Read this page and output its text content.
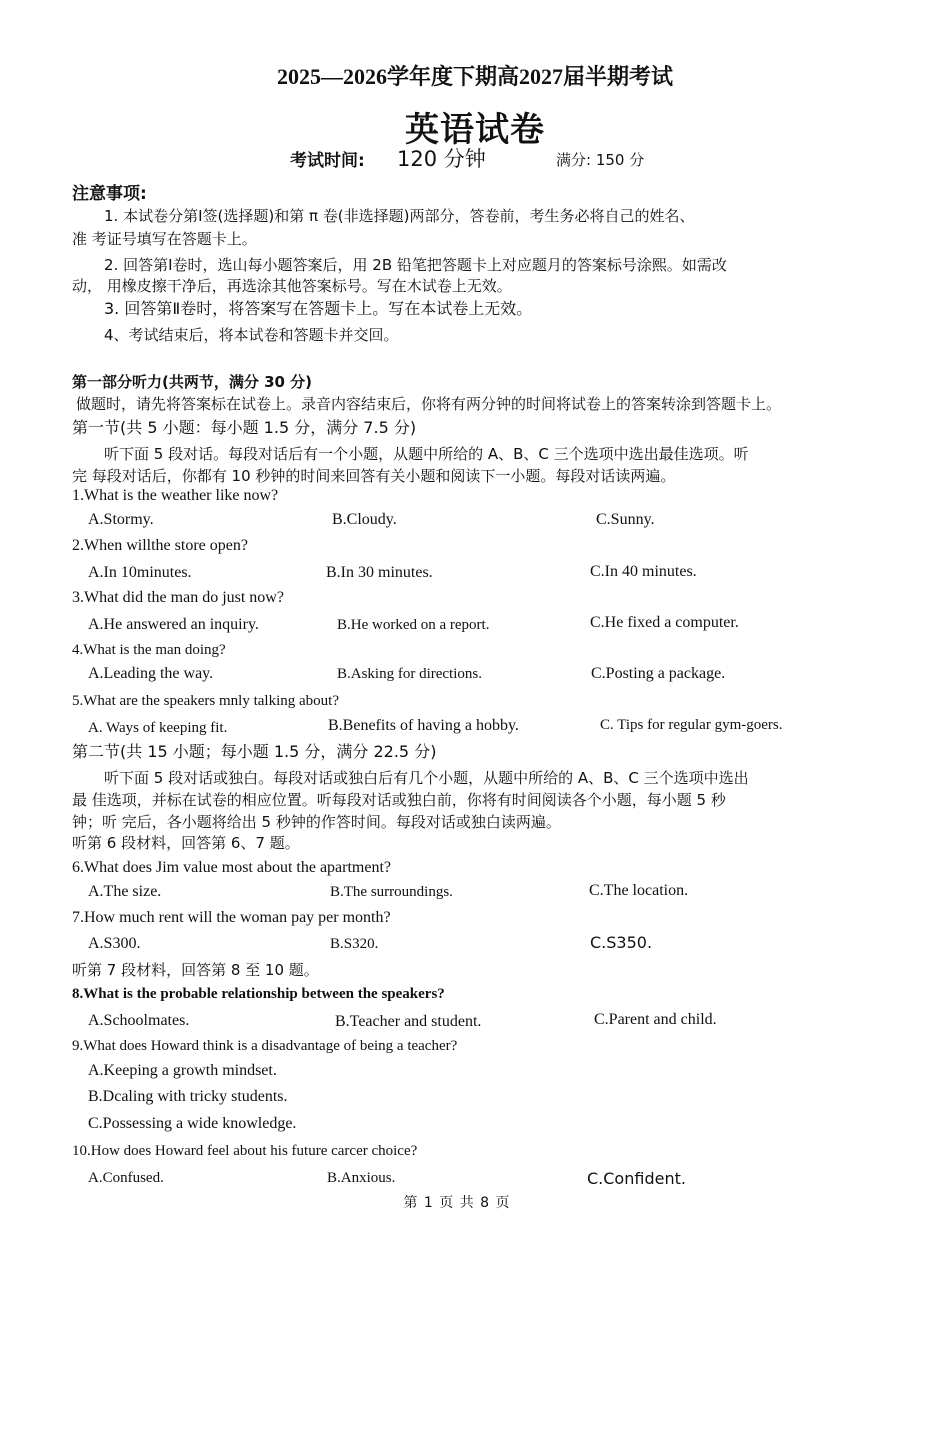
2025—2026学年度下期高2027届半期考试
英语试卷
考试时间: 120 分钟	满分: 150 分
注意事项:
1. 本试卷分第Ⅰ签(选择题)和第 π 卷(非选择题)两部分，答卷前，考生务必将自己的姓名、
准 考证号填写在答题卡上。
2. 回答第Ⅰ卷时，选山每小题答案后，用 2B 铅笔把答题卡上对应题月的答案标号涂熙。如需改
动， 用橡皮擦干净后，再选涂其他答案标号。写在木试卷上无效。
3. 回答第Ⅱ卷时，将答案写在答题卡上。写在本试卷上无效。
4、考试结束后，将本试卷和答题卡并交回。
第一部分听力(共两节，满分 30 分)
做题时，请先将答案标在试卷上。录音内容结束后，你将有两分钟的时间将试卷上的答案转涂到答题卡上。
第一节(共 5 小题：每小题 1.5 分，满分 7.5 分)
听下面 5 段对话。每段对话后有一个小题，从题中所给的 A、B、C 三个选项中选出最佳选项。听
完 每段对话后，你都有 10 秒钟的时间来回答有关小题和阅读下一小题。每段对话读两遍。
1.What is the weather like now?
A.Stormy.	B.Cloudy.	C.Sunny.
2.When willthe store open?
A.In 10minutes.	B.In 30 minutes.	C.In 40 minutes.
3.What did the man do just now?
A.He answered an inquiry.	B.He worked on a report.	C.He fixed a computer.
4.What is the man doing?
A.Leading the way.	B.Asking for directions.	C.Posting a package.
5.What are the speakers mnly talking about?
A. Ways of keeping fit.	B.Benefits of having a hobby.	C. Tips for regular gym-goers.
第二节(共 15 小题；每小题 1.5 分，满分 22.5 分)
听下面 5 段对话或独白。每段对话或独白后有几个小题，从题中所给的 A、B、C 三个选项中选出
最 佳选项，并标在试卷的相应位置。听每段对话或独白前，你将有时间阅读各个小题，每小题 5 秒
钟；听 完后，各小题将给出 5 秒钟的作答时间。每段对话或独白读两遍。
听第 6 段材料，回答第 6、7 题。
6.What does Jim value most about the apartment?
A.The size.	B.The surroundings.	C.The location.
7.How much rent will the woman pay per month?
A.S300.	B.S320.	C.S350.
听第 7 段材料，回答第 8 至 10 题。
8.What is the probable relationship between the speakers?
A.Schoolmates.	B.Teacher and student.	C.Parent and child.
9.What does Howard think is a disadvantage of being a teacher?
A.Keeping a growth mindset.
B.Dcaling with tricky students.
C.Possessing a wide knowledge.
10.How does Howard feel about his future carcer choice?
A.Confused.	B.Anxious.	C.Confident.
第 1 页 共 8 页
